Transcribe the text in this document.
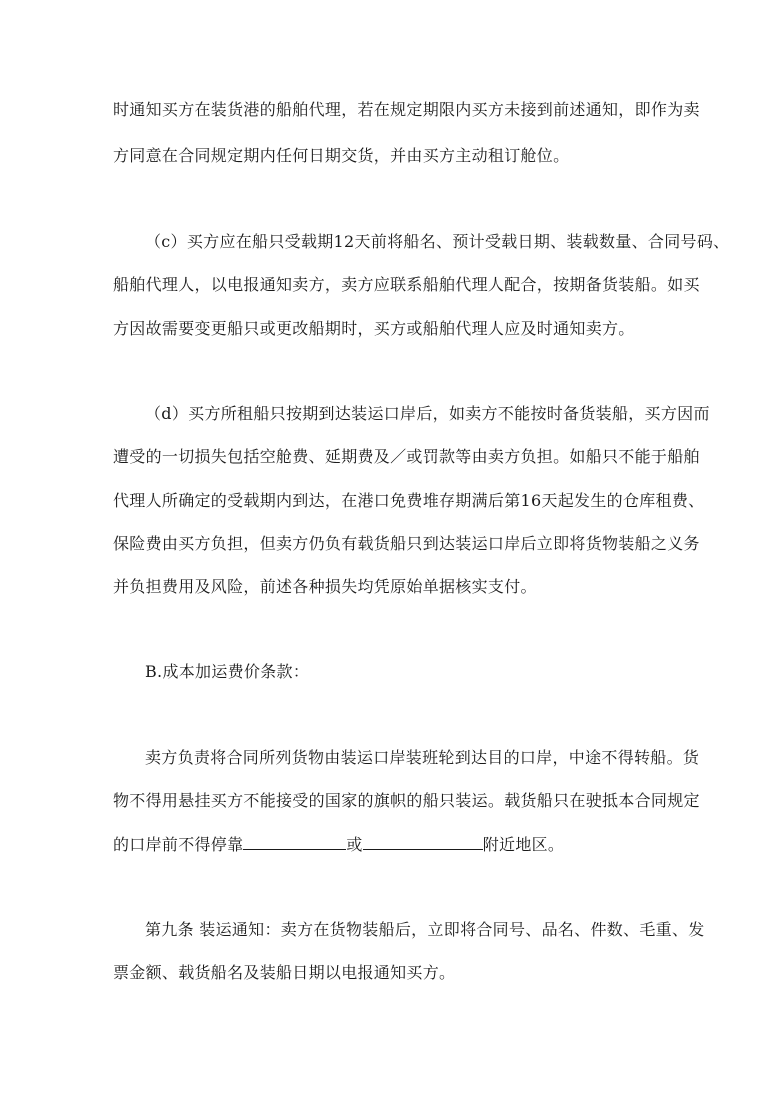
时通知买方在装货港的船舶代理，若在规定期限内买方未接到前述通知，即作为卖
方同意在合同规定期内任何日期交货，并由买方主动租订舱位。
（c）买方应在船只受载期12天前将船名、预计受载日期、装载数量、合同号码、
船舶代理人，以电报通知卖方，卖方应联系船舶代理人配合，按期备货装船。如买
方因故需要变更船只或更改船期时，买方或船舶代理人应及时通知卖方。
（d）买方所租船只按期到达装运口岸后，如卖方不能按时备货装船，买方因而
遭受的一切损失包括空舱费、延期费及／或罚款等由卖方负担。如船只不能于船舶
代理人所确定的受载期内到达，在港口免费堆存期满后第16天起发生的仓库租费、
保险费由买方负担，但卖方仍负有载货船只到达装运口岸后立即将货物装船之义务
并负担费用及风险，前述各种损失均凭原始单据核实支付。
B.成本加运费价条款：
卖方负责将合同所列货物由装运口岸装班轮到达目的口岸，中途不得转船。货
物不得用悬挂买方不能接受的国家的旗帜的船只装运。载货船只在驶抵本合同规定
的口岸前不得停靠	或	附近地区。
第九条 装运通知：卖方在货物装船后，立即将合同号、品名、件数、毛重、发
票金额、载货船名及装船日期以电报通知买方。
